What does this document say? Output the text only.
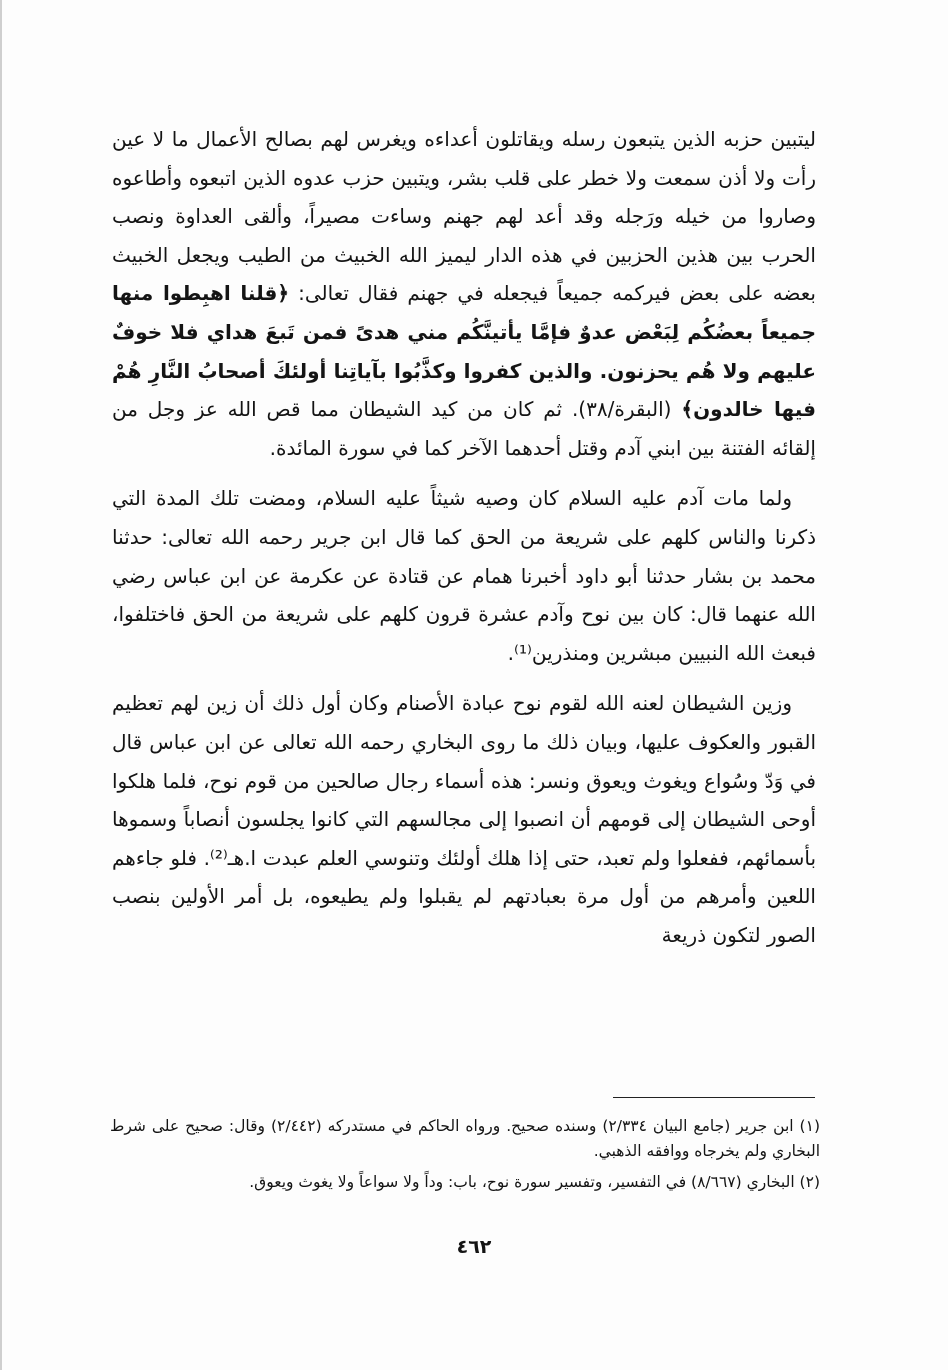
ليتبين حزبه الذين يتبعون رسله ويقاتلون أعداءه ويغرس لهم بصالح الأعمال ما لا عين رأت ولا أذن سمعت ولا خطر على قلب بشر، ويتبين حزب عدوه الذين اتبعوه وأطاعوه وصاروا من خيله ورَجله وقد أعد لهم جهنم وساءت مصيراً، وألقى العداوة ونصب الحرب بين هذين الحزبين في هذه الدار ليميز الله الخبيث من الطيب ويجعل الخبيث بعضه على بعض فيركمه جميعاً فيجعله في جهنم فقال تعالى: ﴿قلنا اهبِطوا منها جميعاً بعضُكُم لِبَعْض عدوٌ فإمَّا يأتينَّكُم مني هدىً فمن تَبعَ هداي فلا خوفٌ عليهم ولا هُم يحزنون. والذين كفروا وكذَّبُوا بآياتِنا أولئكَ أصحابُ النَّارِ هُمْ فيها خالدون﴾ (البقرة/٣٨). ثم كان من كيد الشيطان مما قص الله عز وجل من إلقائه الفتنة بين ابني آدم وقتل أحدهما الآخر كما في سورة المائدة.

ولما مات آدم عليه السلام كان وصيه شيثاً عليه السلام، ومضت تلك المدة التي ذكرنا والناس كلهم على شريعة من الحق كما قال ابن جرير رحمه الله تعالى: حدثنا محمد بن بشار حدثنا أبو داود أخبرنا همام عن قتادة عن عكرمة عن ابن عباس رضي الله عنهما قال: كان بين نوح وآدم عشرة قرون كلهم على شريعة من الحق فاختلفوا، فبعث الله النبيين مبشرين ومنذرين⁽¹⁾.

وزين الشيطان لعنه الله لقوم نوح عبادة الأصنام وكان أول ذلك أن زين لهم تعظيم القبور والعكوف عليها، وبيان ذلك ما روى البخاري رحمه الله تعالى عن ابن عباس قال في وَدّ وسُواع ويغوث ويعوق ونسر: هذه أسماء رجال صالحين من قوم نوح، فلما هلكوا أوحى الشيطان إلى قومهم أن انصبوا إلى مجالسهم التي كانوا يجلسون أنصاباً وسموها بأسمائهم، ففعلوا ولم تعبد، حتى إذا هلك أولئك وتنوسي العلم عبدت ا.هـ⁽²⁾. فلو جاءهم اللعين وأمرهم من أول مرة بعبادتهم لم يقبلوا ولم يطيعوه، بل أمر الأولين بنصب الصور لتكون ذريعة

(١) ابن جرير (جامع البيان ٢/٣٣٤) وسنده صحيح. ورواه الحاكم في مستدركه (٢/٤٤٢) وقال: صحيح على شرط البخاري ولم يخرجاه ووافقه الذهبي.

(٢) البخاري (٨/٦٦٧) في التفسير، وتفسير سورة نوح، باب: وداً ولا سواعاً ولا يغوث ويعوق.

٤٦٢
